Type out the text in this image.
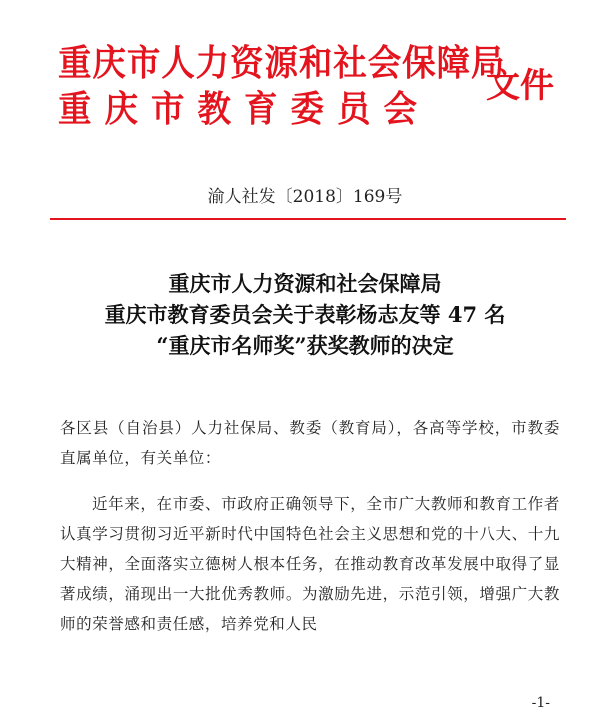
重庆市人力资源和社会保障局
重庆市教育委员会
文件
渝人社发〔2018〕169号
重庆市人力资源和社会保障局
重庆市教育委员会关于表彰杨志友等 47 名
“重庆市名师奖”获奖教师的决定

各区县（自治县）人力社保局、教委（教育局），各高等学校，市教委直属单位，有关单位：

近年来，在市委、市政府正确领导下，全市广大教师和教育工作者认真学习贯彻习近平新时代中国特色社会主义思想和党的十八大、十九大精神，全面落实立德树人根本任务，在推动教育改革发展中取得了显著成绩，涌现出一大批优秀教师。为激励先进，示范引领，增强广大教师的荣誉感和责任感，培养党和人民

-1-
